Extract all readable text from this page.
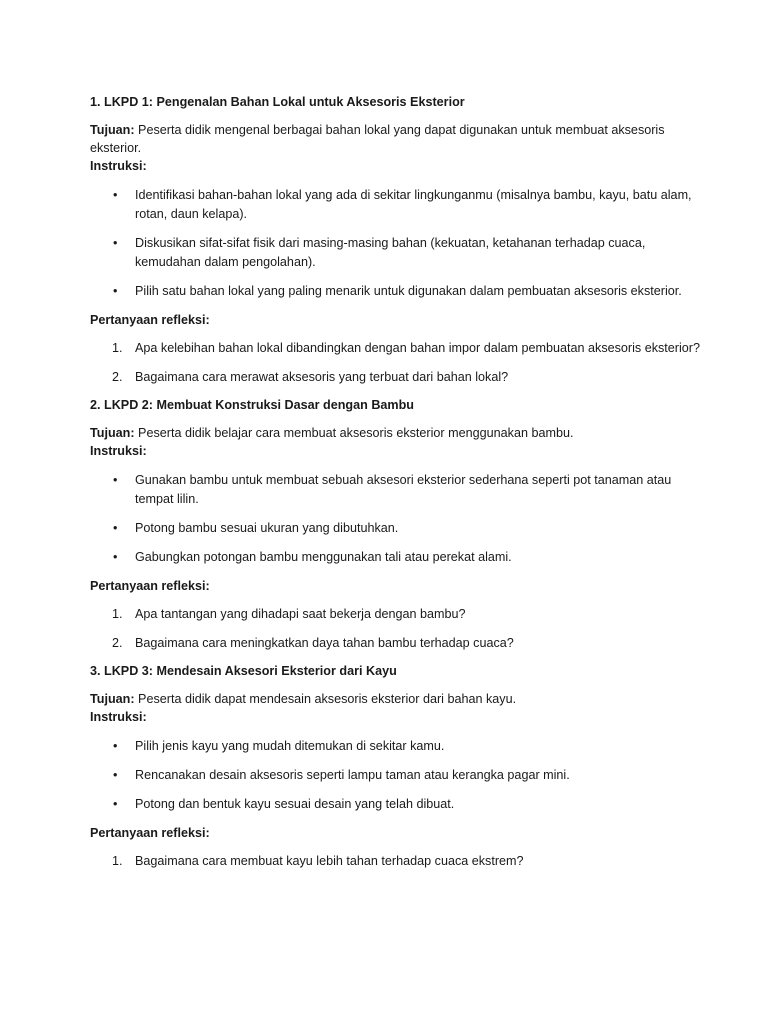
1. LKPD 1: Pengenalan Bahan Lokal untuk Aksesoris Eksterior

Tujuan: Peserta didik mengenal berbagai bahan lokal yang dapat digunakan untuk membuat aksesoris eksterior.

Instruksi:

• Identifikasi bahan-bahan lokal yang ada di sekitar lingkunganmu (misalnya bambu, kayu, batu alam, rotan, daun kelapa).
• Diskusikan sifat-sifat fisik dari masing-masing bahan (kekuatan, ketahanan terhadap cuaca, kemudahan dalam pengolahan).
• Pilih satu bahan lokal yang paling menarik untuk digunakan dalam pembuatan aksesoris eksterior.

Pertanyaan refleksi:

1. Apa kelebihan bahan lokal dibandingkan dengan bahan impor dalam pembuatan aksesoris eksterior?
2. Bagaimana cara merawat aksesoris yang terbuat dari bahan lokal?

2. LKPD 2: Membuat Konstruksi Dasar dengan Bambu

Tujuan: Peserta didik belajar cara membuat aksesoris eksterior menggunakan bambu.

Instruksi:

• Gunakan bambu untuk membuat sebuah aksesori eksterior sederhana seperti pot tanaman atau tempat lilin.
• Potong bambu sesuai ukuran yang dibutuhkan.
• Gabungkan potongan bambu menggunakan tali atau perekat alami.

Pertanyaan refleksi:

1. Apa tantangan yang dihadapi saat bekerja dengan bambu?
2. Bagaimana cara meningkatkan daya tahan bambu terhadap cuaca?

3. LKPD 3: Mendesain Aksesori Eksterior dari Kayu

Tujuan: Peserta didik dapat mendesain aksesoris eksterior dari bahan kayu.

Instruksi:

• Pilih jenis kayu yang mudah ditemukan di sekitar kamu.
• Rencanakan desain aksesoris seperti lampu taman atau kerangka pagar mini.
• Potong dan bentuk kayu sesuai desain yang telah dibuat.

Pertanyaan refleksi:

1. Bagaimana cara membuat kayu lebih tahan terhadap cuaca ekstrem?
